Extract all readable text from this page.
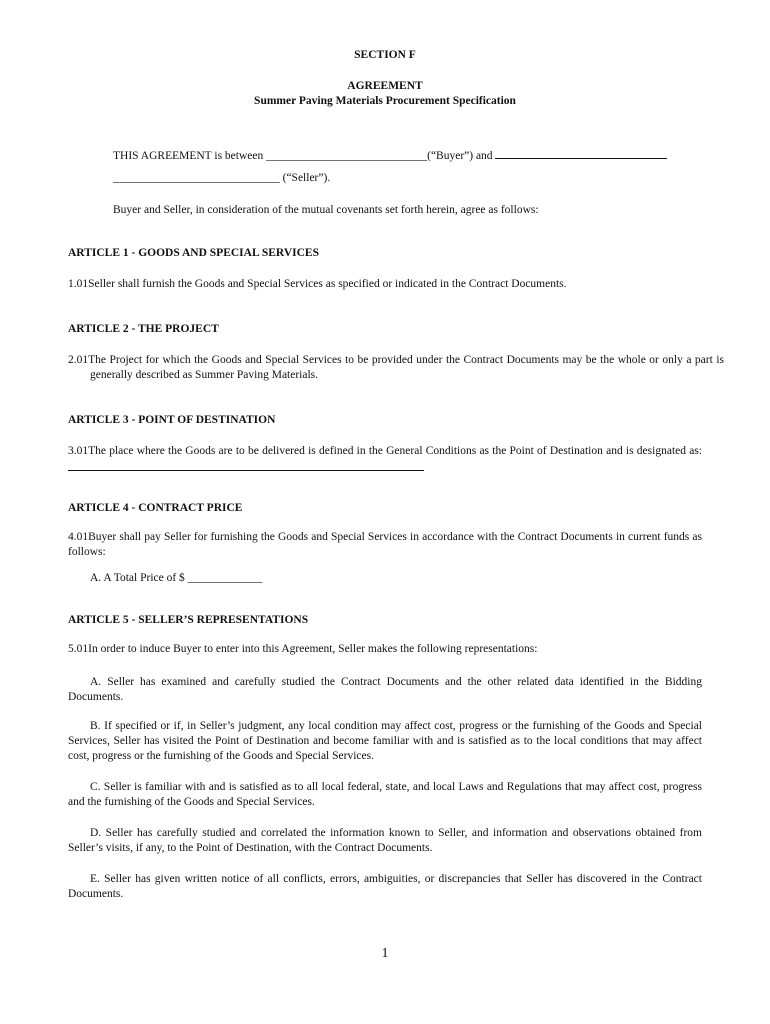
SECTION F

AGREEMENT

Summer Paving Materials Procurement Specification

THIS AGREEMENT is between ____________________________(“Buyer”) and

_____________________________ (“Seller”).

Buyer and Seller, in consideration of the mutual covenants set forth herein, agree as follows:

ARTICLE 1 - GOODS AND SPECIAL SERVICES

1.01Seller shall furnish the Goods and Special Services as specified or indicated in the Contract Documents.

ARTICLE 2 - THE PROJECT

2.01The Project for which the Goods and Special Services to be provided under the Contract Documents may be the whole or only a part is generally described as Summer Paving Materials.

ARTICLE 3 - POINT OF DESTINATION

3.01The place where the Goods are to be delivered is defined in the General Conditions as the Point of Destination and is designated as:

ARTICLE 4 - CONTRACT PRICE

4.01Buyer shall pay Seller for furnishing the Goods and Special Services in accordance with the Contract Documents in current funds as follows:

A. A Total Price of $ _____________

ARTICLE 5 - SELLER’S REPRESENTATIONS

5.01In order to induce Buyer to enter into this Agreement, Seller makes the following representations:

A. Seller has examined and carefully studied the Contract Documents and the other related data identified in the Bidding Documents.

B. If specified or if, in Seller’s judgment, any local condition may affect cost, progress or the furnishing of the Goods and Special Services, Seller has visited the Point of Destination and become familiar with and is satisfied as to the local conditions that may affect cost, progress or the furnishing of the Goods and Special Services.

C. Seller is familiar with and is satisfied as to all local federal, state, and local Laws and Regulations that may affect cost, progress and the furnishing of the Goods and Special Services.

D. Seller has carefully studied and correlated the information known to Seller, and information and observations obtained from Seller’s visits, if any, to the Point of Destination, with the Contract Documents.

E. Seller has given written notice of all conflicts, errors, ambiguities, or discrepancies that Seller has discovered in the Contract Documents.

1
